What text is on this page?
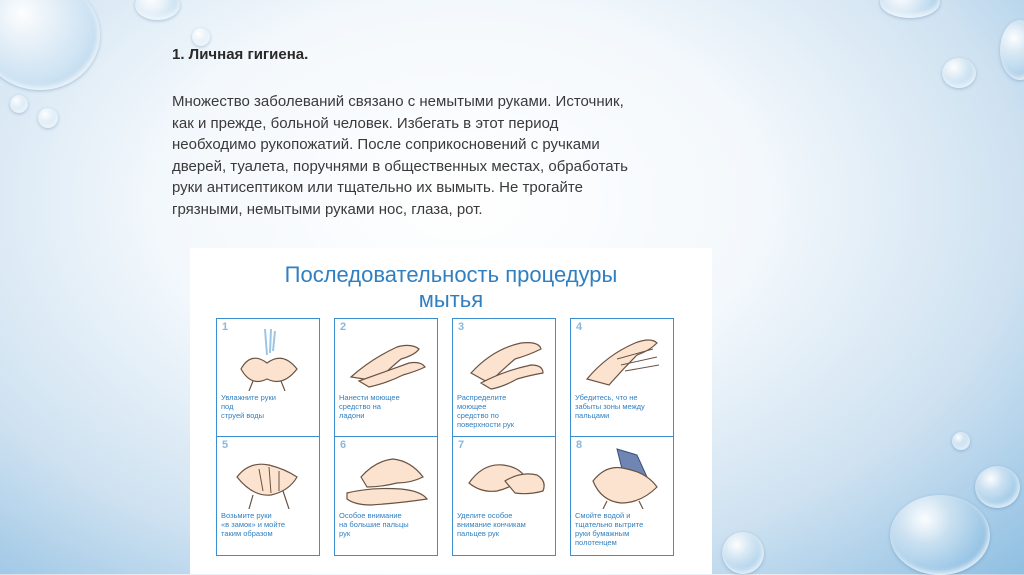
1. Личная гигиена.
Множество заболеваний связано с немытыми руками. Источник,
как и прежде, больной человек. Избегать в этот период
необходимо рукопожатий. После соприкосновений с ручками
дверей, туалета, поручнями в общественных местах, обработать
руки антисептиком или тщательно их вымыть. Не трогайте
грязными, немытыми руками нос, глаза, рот.
Последовательность процедуры
мытья
1
Увлажните руки
под
струей воды
2
Нанести моющее
средство на
ладони
3
Распределите
моющее
средство по
поверхности рук
4
Убедитесь, что не
забыты зоны между
пальцами
5
Возьмите руки
«в замок» и мойте
таким образом
6
Особое внимание
на большие пальцы
рук
7
Уделите особое
внимание кончикам
пальцев рук
8
Смойте водой и
тщательно вытрите
руки бумажным
полотенцем
